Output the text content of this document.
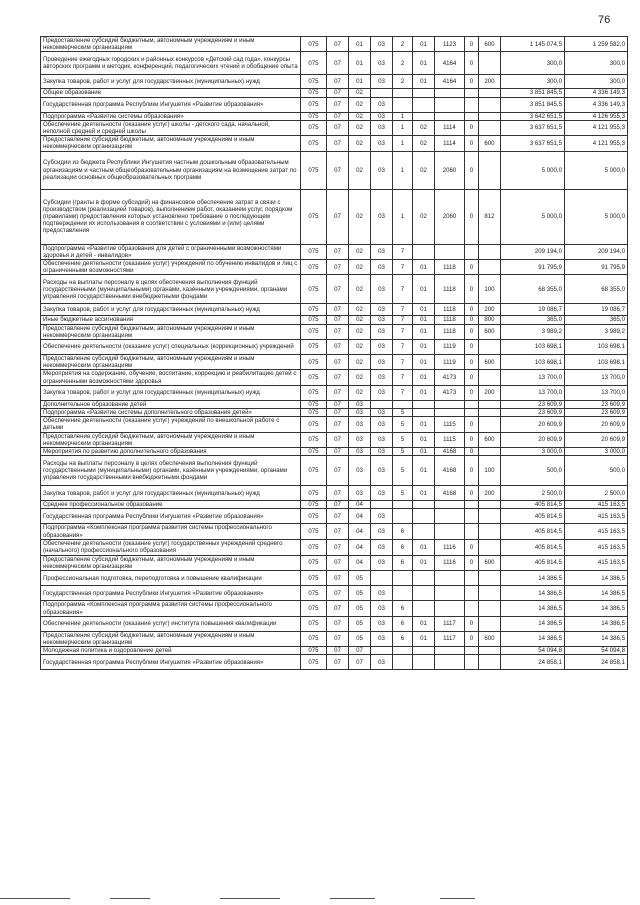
76
Предоставление субсидий бюджетным, автономным учреждениям и иным некоммерческим организациям	075	07	01	03	2	01	1123	0	600	1 145 074,5	1 259 582,0
Проведение ежегодных городских и районных конкурсов «Детский сад года», конкурсы авторских программ и методик, конференций, педагогических чтений и обобщение опыта	075	07	01	03	2	01	4164	0		300,0	300,0
Закупка товаров, работ и услуг для государственных (муниципальных) нужд	075	07	01	03	2	01	4164	0	200	300,0	300,0
Общее образование	075	07	02							3 851 845,5	4 336 149,3
Государственная программа Республики Ингушетия «Развитие образования»	075	07	02	03						3 851 845,5	4 336 149,3
Подпрограмма «Развитие системы образования»	075	07	02	03	1					3 642 651,5	4 126 955,3
Обеспечение деятельности (оказание услуг) школы - детского сада, начальной, неполной средней и средней школы	075	07	02	03	1	02	1114	0		3 637 651,5	4 121 955,3
Предоставление субсидий бюджетным, автономным учреждениям и иным некоммерческим организациям	075	07	02	03	1	02	1114	0	600	3 637 651,5	4 121 955,3
Субсидии из бюджета Республики Ингушетия частным дошкольным образовательным организациям и частным общеобразовательным организациям на возмещение затрат по реализации основных общеобразовательных программ	075	07	02	03	1	02	2060	0		5 000,0	5 000,0
Субсидии (гранты в форме субсидий) на финансовое обеспечение затрат в связи с производством (реализацией товаров), выполнением работ, оказанием услуг, порядком (правилами) предоставления которых установлено требование о последующем подтверждении их использования в соответствии с условиями и (или) целями предоставления	075	07	02	03	1	02	2060	0	812	5 000,0	5 000,0
Подпрограмма «Развитие образования для детей с ограниченными возможностями здоровья и детей - инвалидов»	075	07	02	03	7					209 194,0	209 194,0
Обеспечение деятельности (оказание услуг) учреждений по обучению инвалидов и лиц с ограниченными возможностями	075	07	02	03	7	01	1118	0		91 795,9	91 795,9
Расходы на выплаты персоналу в целях обеспечения выполнения функций государственными (муниципальными) органами, казёнными учреждениями, органами управления государственными внебюджетными фондами	075	07	02	03	7	01	1118	0	100	68 355,0	68 355,0
Закупка товаров, работ и услуг для государственных (муниципальных) нужд	075	07	02	03	7	01	1118	0	200	19 086,7	19 086,7
Иные бюджетные ассигнования	075	07	02	03	7	01	1118	0	800	365,0	365,0
Предоставление субсидий бюджетным, автономным учреждениям и иным некоммерческим организациям	075	07	02	03	7	01	1118	0	600	3 989,2	3 989,2
Обеспечение деятельности (оказание услуг) специальных (коррекционных) учреждений	075	07	02	03	7	01	1119	0		103 698,1	103 698,1
Предоставление субсидий бюджетным, автономным учреждениям и иным некоммерческим организациям	075	07	02	03	7	01	1119	0	600	103 698,1	103 698,1
Мероприятия на содержание, обучение, воспитание, коррекцию и реабилитацию детей с ограниченными возможностями здоровья	075	07	02	03	7	01	4173	0		13 700,0	13 700,0
Закупка товаров, работ и услуг для государственных (муниципальных) нужд	075	07	02	03	7	01	4173	0	200	13 700,0	13 700,0
Дополнительное образование детей	075	07	03							23 609,9	23 609,9
Подпрограмма «Развитие системы дополнительного образования детей»	075	07	03	03	5					23 609,9	23 609,9
Обеспечение деятельности (оказание услуг) учреждений по внешкольной работе с детьми	075	07	03	03	5	01	1115	0		20 609,9	20 609,9
Предоставление субсидий бюджетным, автономным учреждениям и иным некоммерческим организациям	075	07	03	03	5	01	1115	0	600	20 609,9	20 609,9
Мероприятия по развитию дополнительного образования	075	07	03	03	5	01	4168	0		3 000,0	3 000,0
Расходы на выплаты персоналу в целях обеспечения выполнения функций государственными (муниципальными) органами, казёнными учреждениями, органами управления государственными внебюджетными фондами	075	07	03	03	5	01	4168	0	100	500,0	500,0
Закупка товаров, работ и услуг для государственных (муниципальных) нужд	075	07	03	03	5	01	4168	0	200	2 500,0	2 500,0
Среднее профессиональное образование	075	07	04							405 814,5	415 163,5
Государственная программа Республики Ингушетия «Развитие образования»	075	07	04	03						405 814,5	415 163,5
Подпрограмма «Комплексная программа развития системы профессионального образования»	075	07	04	03	6					405 814,5	415 163,5
Обеспечение деятельности (оказание услуг) государственных учреждений среднего (начального) профессионального образования	075	07	04	03	6	01	1116	0		405 814,5	415 163,5
Предоставление субсидий бюджетным, автономным учреждениям и иным некоммерческим организациям	075	07	04	03	6	01	1116	0	600	405 814,5	415 163,5
Профессиональная подготовка, переподготовка и повышение квалификации	075	07	05							14 386,5	14 386,5
Государственная программа Республики Ингушетия «Развитие образования»	075	07	05	03						14 386,5	14 386,5
Подпрограмма «Комплексная программа развития системы профессионального образования»	075	07	05	03	6					14 386,5	14 386,5
Обеспечение деятельности (оказание услуг) института повышения квалификации	075	07	05	03	6	01	1117	0		14 386,5	14 386,5
Предоставление субсидий бюджетным, автономным учреждениям и иным некоммерческим организациям	075	07	05	03	6	01	1117	0	600	14 386,5	14 386,5
Молодежная политика и оздоровление детей	075	07	07							54 094,8	54 094,8
Государственная программа Республики Ингушетия «Развитие образования»	075	07	07	03						24 858,1	24 858,1
